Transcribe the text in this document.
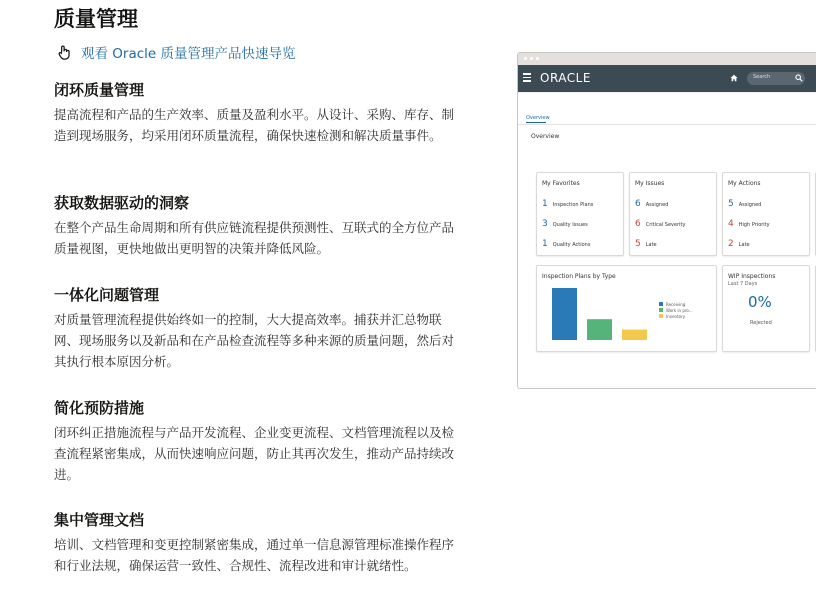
质量管理
观看 Oracle 质量管理产品快速导览
闭环质量管理

提高流程和产品的生产效率、质量及盈利水平。从设计、采购、库存、制造到现场服务，均采用闭环质量流程，确保快速检测和解决质量事件。

获取数据驱动的洞察

在整个产品生命周期和所有供应链流程提供预测性、互联式的全方位产品质量视图，更快地做出更明智的决策并降低风险。

一体化问题管理

对质量管理流程提供始终如一的控制，大大提高效率。捕获并汇总物联网、现场服务以及新品和在产品检查流程等多种来源的质量问题，然后对其执行根本原因分析。

简化预防措施

闭环纠正措施流程与产品开发流程、企业变更流程、文档管理流程以及检查流程紧密集成，从而快速响应问题，防止其再次发生，推动产品持续改进。

集中管理文档

培训、文档管理和变更控制紧密集成，通过单一信息源管理标准操作程序和行业法规，确保运营一致性、合规性、流程改进和审计就绪性。

ORACLE	Search
Overview
Overview
My Favorites
1 Inspection Plans
3 Quality Issues
1 Quality Actions
My Issues
6 Assigned
6 Critical Severity
5 Late
My Actions
5 Assigned
4 High Priority
2 Late
Inspection Plans by Type
Receiving
Work in pro...
Inventory
WIP Inspections
Last 7 Days
0%
Rejected
